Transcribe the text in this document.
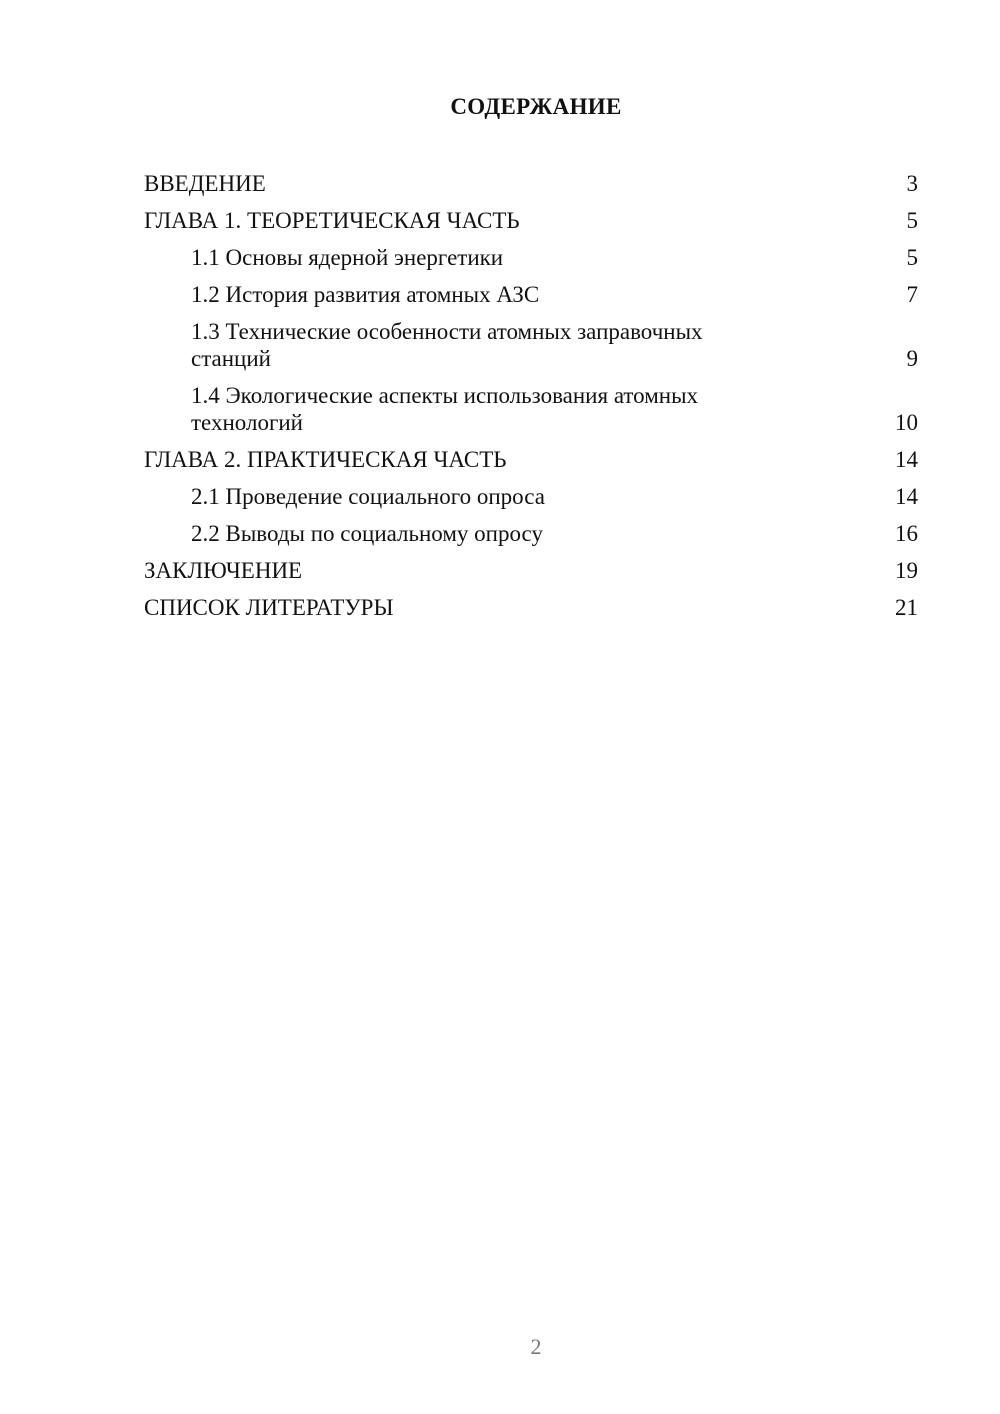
СОДЕРЖАНИЕ
ВВЕДЕНИЕ	3
ГЛАВА 1. ТЕОРЕТИЧЕСКАЯ ЧАСТЬ	5
1.1 Основы ядерной энергетики	5
1.2 История развития атомных АЗС	7
1.3 Технические особенности атомных заправочных станций	9
1.4 Экологические аспекты использования атомных технологий	10
ГЛАВА 2. ПРАКТИЧЕСКАЯ ЧАСТЬ	14
2.1 Проведение социального опроса	14
2.2 Выводы по социальному опросу	16
ЗАКЛЮЧЕНИЕ	19
СПИСОК ЛИТЕРАТУРЫ	21
2
